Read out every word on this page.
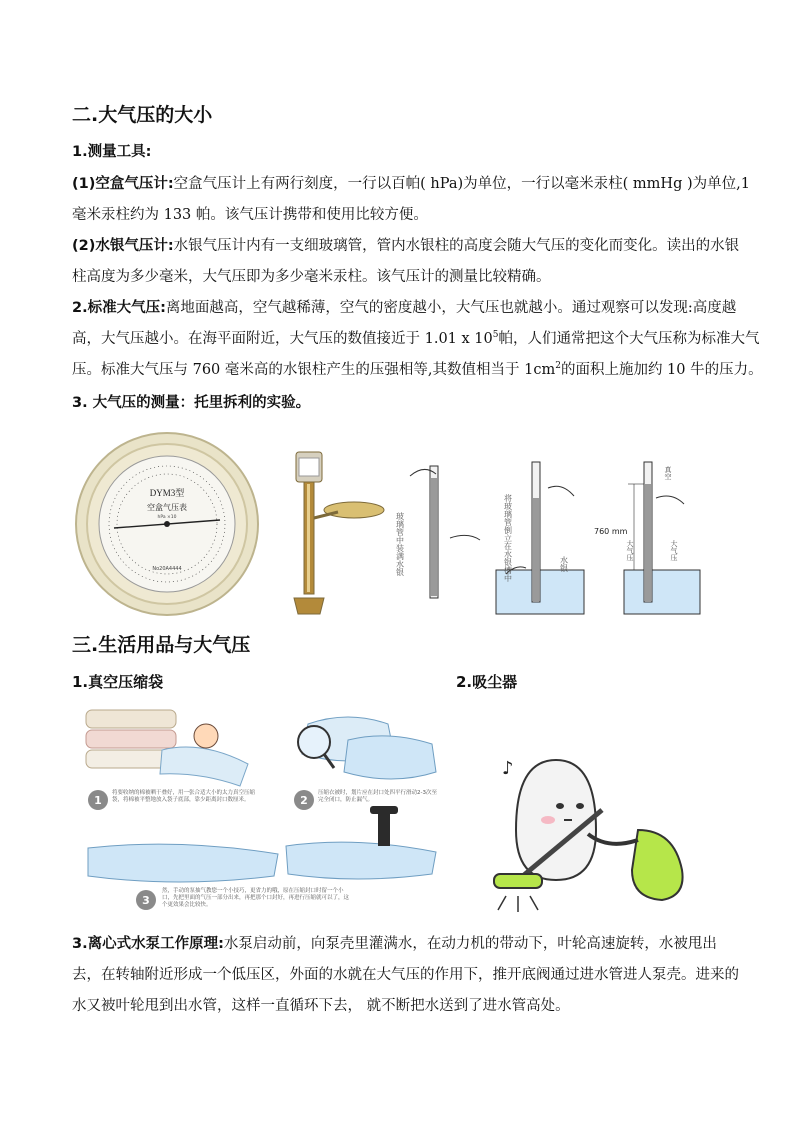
二.大气压的大小
1.测量工具:
(1)空盒气压计:空盒气压计上有两行刻度，一行以百帕( hPa)为单位，一行以毫米汞柱( mmHg )为单位,1
毫米汞柱约为 133 帕。该气压计携带和使用比较方便。
(2)水银气压计:水银气压计内有一支细玻璃管，管内水银柱的高度会随大气压的变化而变化。读出的水银
柱高度为多少毫米，大气压即为多少毫米汞柱。该气压计的测量比较精确。
2.标准大气压:离地面越高，空气越稀薄，空气的密度越小，大气压也就越小。通过观察可以发现:高度越
高，大气压越小。在海平面附近，大气压的数值接近于 1.01 x $10^5$帕，人们通常把这个大气压称为标准大气
压。标准大气压与 760 毫米高的水银柱产生的压强相等,其数值相当于 $1cm^2$的面积上施加约 10 牛的压力。
3. 大气压的测量：托里拆利的实验。
DYM3型
空盒气压表
hPa ×10
No20A4444	玻璃管中装满水银	将玻璃管倒立在水银槽中	水银
760 mm
真空
大气压	大气压
三.生活用品与大气压
1.真空压缩袋	2.吸尘器
1	2
3
将要收纳的棉被晒干叠好，用一张合适大小的太力真空压缩袋，将棉被平整地放入袋子底部，靠少距离封口数厘米。
压缩衣被时，划片应在封口处四平行滑动2-3次至完全闭口，防止漏气。
然，手动的泵抽气教您一个小技巧，更省力的哦，原在压缩封口时留一个小口，先把里面的气压一部分出来，再把那个口封好，再进行压缩就可以了，这个更效果会比较快。
♪
3.离心式水泵工作原理:水泵启动前，向泵壳里灌满水，在动力机的带动下，叶轮高速旋转，水被甩出
去，在转轴附近形成一个低压区，外面的水就在大气压的作用下，推开底阀通过进水管进人泵壳。进来的
水又被叶轮甩到出水管，这样一直循环下去， 就不断把水送到了进水管高处。
